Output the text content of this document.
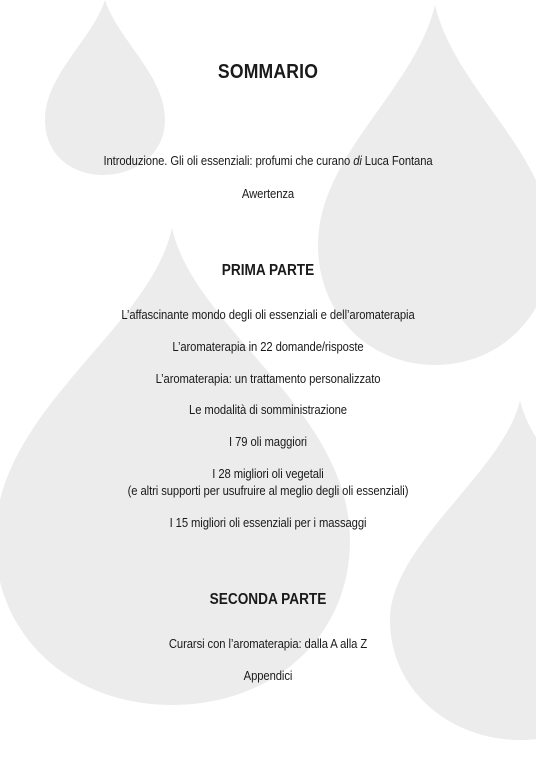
SOMMARIO
Introduzione. Gli oli essenziali: profumi che curano di Luca Fontana
Awertenza
PRIMA PARTE
L’affascinante mondo degli oli essenziali e dell’aromaterapia
L’aromaterapia in 22 domande/risposte
L’aromaterapia: un trattamento personalizzato
Le modalità di somministrazione
I 79 oli maggiori
I 28 migliori oli vegetali
(e altri supporti per usufruire al meglio degli oli essenziali)
I 15 migliori oli essenziali per i massaggi
SECONDA PARTE
Curarsi con l’aromaterapia: dalla A alla Z
Appendici
